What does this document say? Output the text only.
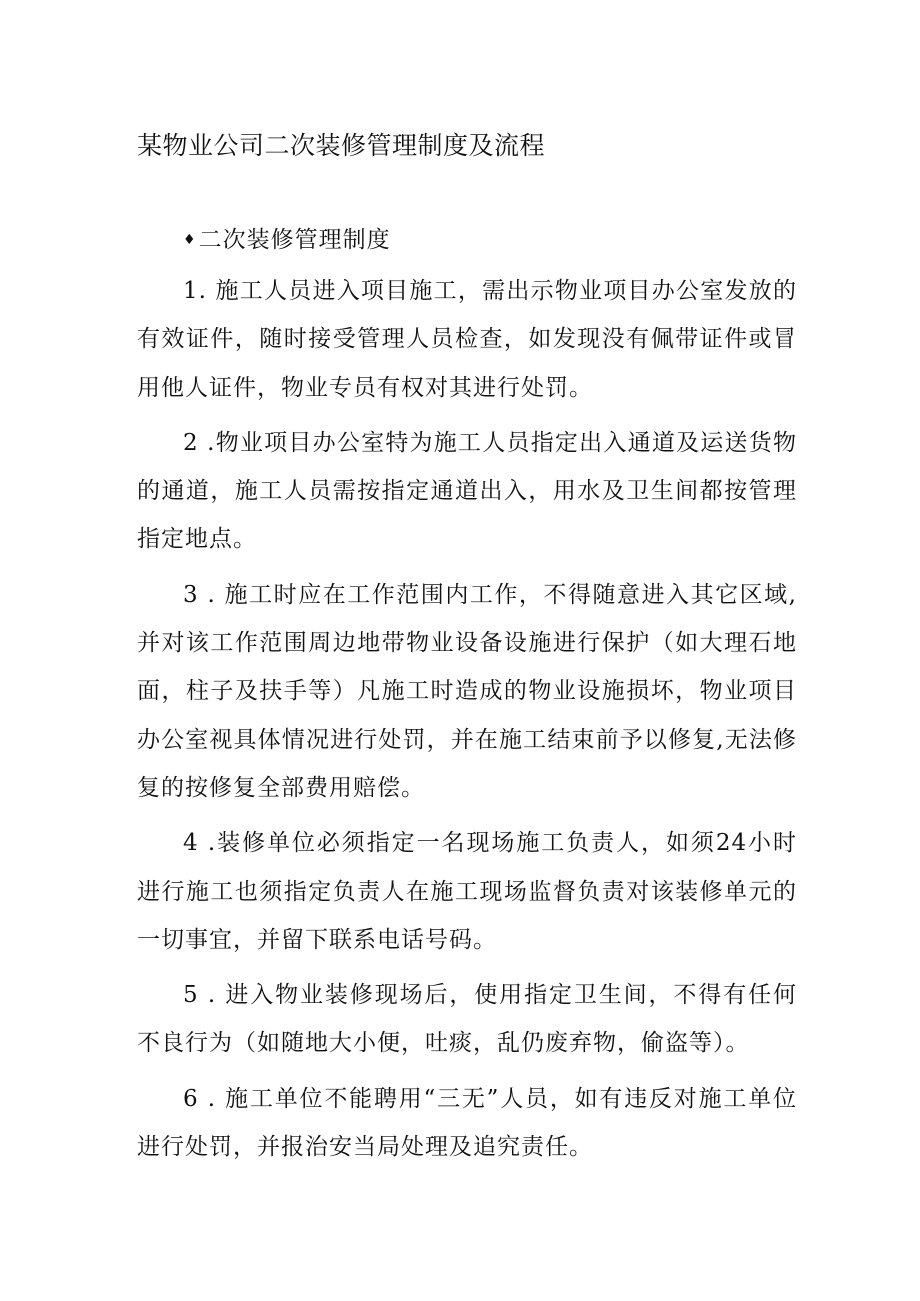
某物业公司二次装修管理制度及流程
♦二次装修管理制度

1. 施工人员进入项目施工，需出示物业项目办公室发放的有效证件，随时接受管理人员检查，如发现没有佩带证件或冒用他人证件，物业专员有权对其进行处罚。

2 .物业项目办公室特为施工人员指定出入通道及运送货物的通道，施工人员需按指定通道出入，用水及卫生间都按管理指定地点。

3 . 施工时应在工作范围内工作，不得随意进入其它区域,并对该工作范围周边地带物业设备设施进行保护（如大理石地面，柱子及扶手等）凡施工时造成的物业设施损坏，物业项目办公室视具体情况进行处罚，并在施工结束前予以修复,无法修复的按修复全部费用赔偿。

4 .装修单位必须指定一名现场施工负责人，如须24小时进行施工也须指定负责人在施工现场监督负责对该装修单元的一切事宜，并留下联系电话号码。

5 . 进入物业装修现场后，使用指定卫生间，不得有任何不良行为（如随地大小便，吐痰，乱仍废弃物，偷盗等）。

6 . 施工单位不能聘用“三无”人员，如有违反对施工单位进行处罚，并报治安当局处理及追究责任。
